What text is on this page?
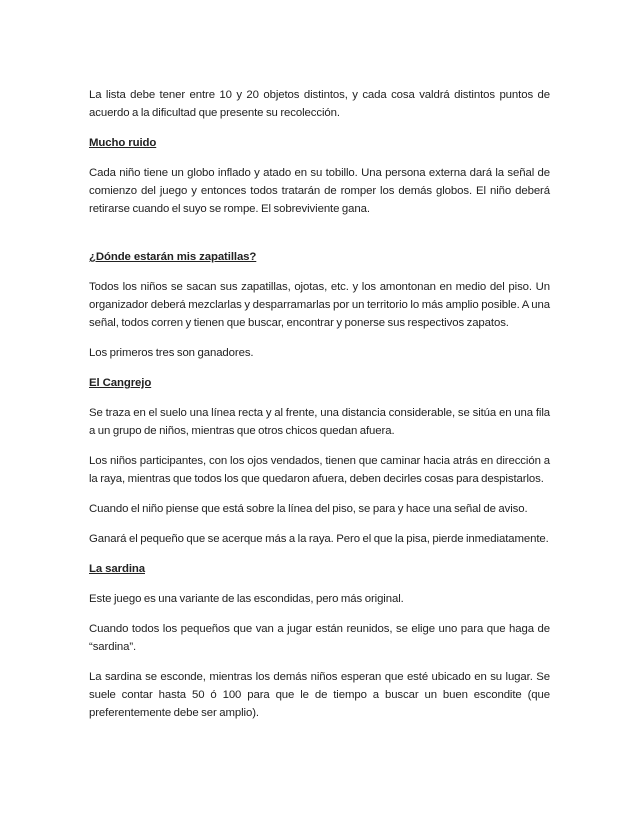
La lista debe tener entre 10 y 20 objetos distintos, y cada cosa valdrá distintos puntos de acuerdo a la dificultad que presente su recolección.

Mucho ruido

Cada niño tiene un globo inflado y atado en su tobillo. Una persona externa dará la señal de comienzo del juego y entonces todos tratarán de romper los demás globos. El niño deberá retirarse cuando el suyo se rompe. El sobreviviente gana.

¿Dónde estarán mis zapatillas?

Todos los niños se sacan sus zapatillas, ojotas, etc. y los amontonan en medio del piso. Un organizador deberá mezclarlas y desparramarlas por un territorio lo más amplio posible. A una señal, todos corren y tienen que buscar, encontrar y ponerse sus respectivos zapatos.

Los primeros tres son ganadores.

El Cangrejo

Se traza en el suelo una línea recta y al frente, una distancia considerable, se sitúa en una fila a un grupo de niños, mientras que otros chicos quedan afuera.

Los niños participantes, con los ojos vendados, tienen que caminar hacia atrás en dirección a la raya, mientras que todos los que quedaron afuera, deben decirles cosas para despistarlos.

Cuando el niño piense que está sobre la línea del piso, se para y hace una señal de aviso.

Ganará el pequeño que se acerque más a la raya. Pero el que la pisa, pierde inmediatamente.

La sardina

Este juego es una variante de las escondidas, pero más original.

Cuando todos los pequeños que van a jugar están reunidos, se elige uno para que haga de “sardina”.

La sardina se esconde, mientras los demás niños esperan que esté ubicado en su lugar. Se suele contar hasta 50 ó 100 para que le de tiempo a buscar un buen escondite (que preferentemente debe ser amplio).
